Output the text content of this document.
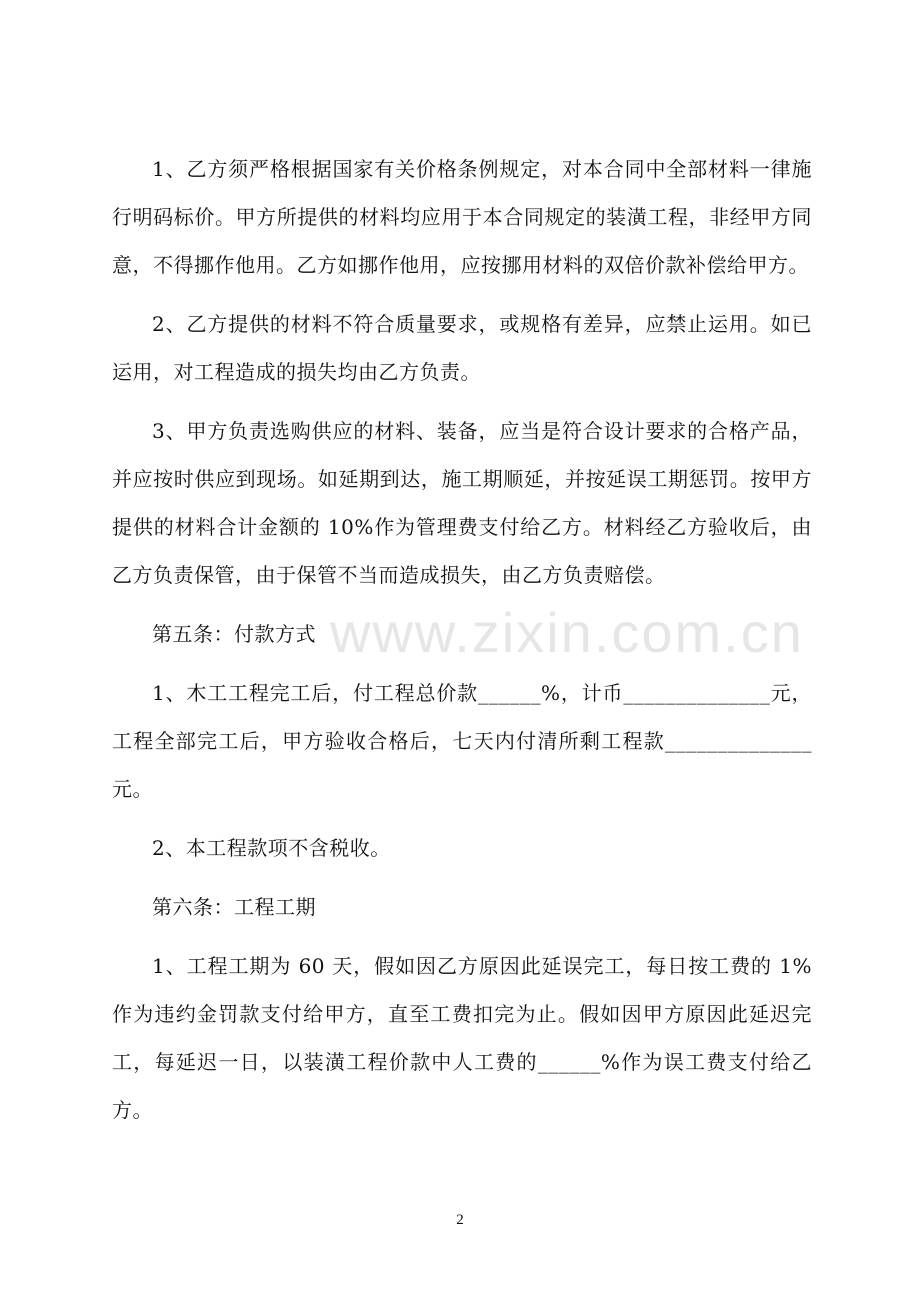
www.zixin.com.cn

1、乙方须严格根据国家有关价格条例规定，对本合同中全部材料一律施行明码标价。甲方所提供的材料均应用于本合同规定的装潢工程，非经甲方同意，不得挪作他用。乙方如挪作他用，应按挪用材料的双倍价款补偿给甲方。

2、乙方提供的材料不符合质量要求，或规格有差异，应禁止运用。如已运用，对工程造成的损失均由乙方负责。

3、甲方负责选购供应的材料、装备，应当是符合设计要求的合格产品，并应按时供应到现场。如延期到达，施工期顺延，并按延误工期惩罚。按甲方提供的材料合计金额的 10%作为管理费支付给乙方。材料经乙方验收后，由乙方负责保管，由于保管不当而造成损失，由乙方负责赔偿。

第五条：付款方式

1、木工工程完工后，付工程总价款______%，计币______________元，工程全部完工后，甲方验收合格后，七天内付清所剩工程款______________元。

2、本工程款项不含税收。

第六条：工程工期

1、工程工期为 60 天，假如因乙方原因此延误完工，每日按工费的 1%作为违约金罚款支付给甲方，直至工费扣完为止。假如因甲方原因此延迟完工，每延迟一日，以装潢工程价款中人工费的______%作为误工费支付给乙方。

2
